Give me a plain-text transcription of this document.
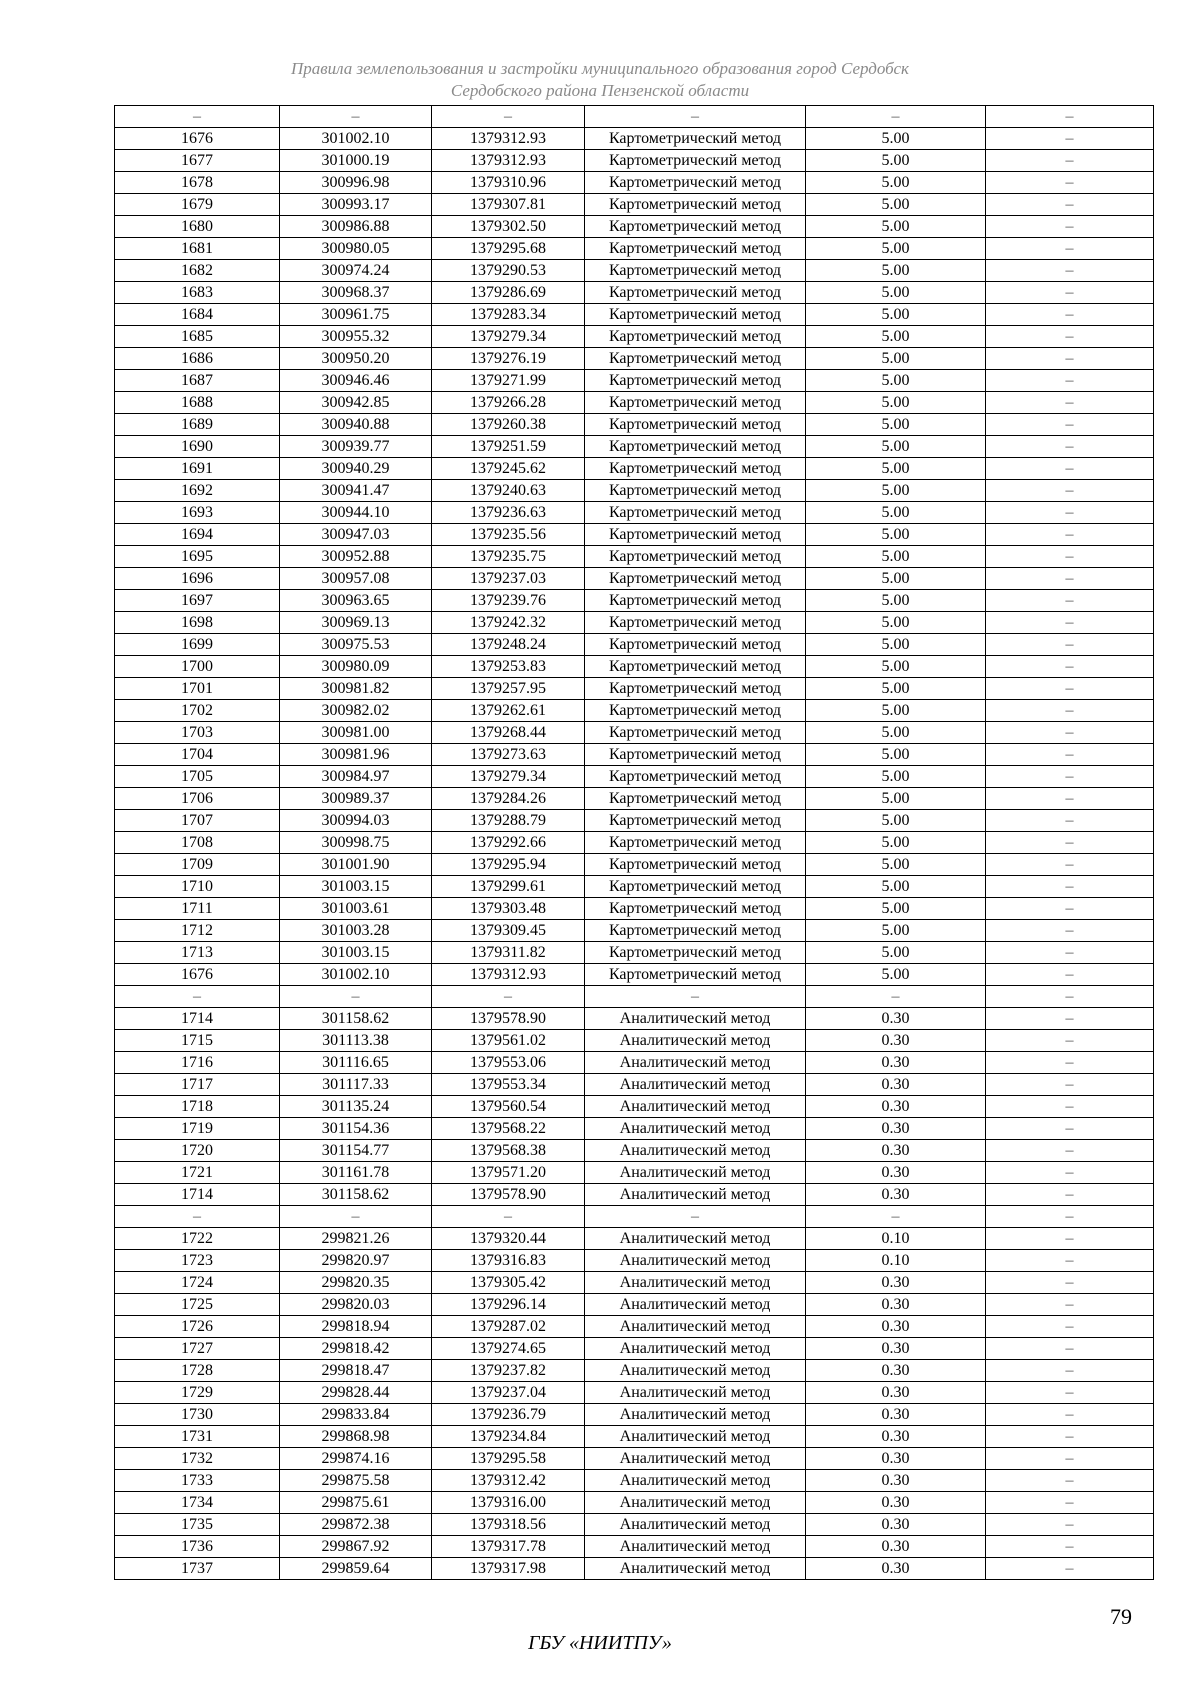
Правила землепользования и застройки муниципального образования город Сердобск
Сердобского района Пензенской области
–	–	–	–	–	–
1676	301002.10	1379312.93	Картометрический метод	5.00	–
1677	301000.19	1379312.93	Картометрический метод	5.00	–
1678	300996.98	1379310.96	Картометрический метод	5.00	–
1679	300993.17	1379307.81	Картометрический метод	5.00	–
1680	300986.88	1379302.50	Картометрический метод	5.00	–
1681	300980.05	1379295.68	Картометрический метод	5.00	–
1682	300974.24	1379290.53	Картометрический метод	5.00	–
1683	300968.37	1379286.69	Картометрический метод	5.00	–
1684	300961.75	1379283.34	Картометрический метод	5.00	–
1685	300955.32	1379279.34	Картометрический метод	5.00	–
1686	300950.20	1379276.19	Картометрический метод	5.00	–
1687	300946.46	1379271.99	Картометрический метод	5.00	–
1688	300942.85	1379266.28	Картометрический метод	5.00	–
1689	300940.88	1379260.38	Картометрический метод	5.00	–
1690	300939.77	1379251.59	Картометрический метод	5.00	–
1691	300940.29	1379245.62	Картометрический метод	5.00	–
1692	300941.47	1379240.63	Картометрический метод	5.00	–
1693	300944.10	1379236.63	Картометрический метод	5.00	–
1694	300947.03	1379235.56	Картометрический метод	5.00	–
1695	300952.88	1379235.75	Картометрический метод	5.00	–
1696	300957.08	1379237.03	Картометрический метод	5.00	–
1697	300963.65	1379239.76	Картометрический метод	5.00	–
1698	300969.13	1379242.32	Картометрический метод	5.00	–
1699	300975.53	1379248.24	Картометрический метод	5.00	–
1700	300980.09	1379253.83	Картометрический метод	5.00	–
1701	300981.82	1379257.95	Картометрический метод	5.00	–
1702	300982.02	1379262.61	Картометрический метод	5.00	–
1703	300981.00	1379268.44	Картометрический метод	5.00	–
1704	300981.96	1379273.63	Картометрический метод	5.00	–
1705	300984.97	1379279.34	Картометрический метод	5.00	–
1706	300989.37	1379284.26	Картометрический метод	5.00	–
1707	300994.03	1379288.79	Картометрический метод	5.00	–
1708	300998.75	1379292.66	Картометрический метод	5.00	–
1709	301001.90	1379295.94	Картометрический метод	5.00	–
1710	301003.15	1379299.61	Картометрический метод	5.00	–
1711	301003.61	1379303.48	Картометрический метод	5.00	–
1712	301003.28	1379309.45	Картометрический метод	5.00	–
1713	301003.15	1379311.82	Картометрический метод	5.00	–
1676	301002.10	1379312.93	Картометрический метод	5.00	–
–	–	–	–	–	–
1714	301158.62	1379578.90	Аналитический метод	0.30	–
1715	301113.38	1379561.02	Аналитический метод	0.30	–
1716	301116.65	1379553.06	Аналитический метод	0.30	–
1717	301117.33	1379553.34	Аналитический метод	0.30	–
1718	301135.24	1379560.54	Аналитический метод	0.30	–
1719	301154.36	1379568.22	Аналитический метод	0.30	–
1720	301154.77	1379568.38	Аналитический метод	0.30	–
1721	301161.78	1379571.20	Аналитический метод	0.30	–
1714	301158.62	1379578.90	Аналитический метод	0.30	–
–	–	–	–	–	–
1722	299821.26	1379320.44	Аналитический метод	0.10	–
1723	299820.97	1379316.83	Аналитический метод	0.10	–
1724	299820.35	1379305.42	Аналитический метод	0.30	–
1725	299820.03	1379296.14	Аналитический метод	0.30	–
1726	299818.94	1379287.02	Аналитический метод	0.30	–
1727	299818.42	1379274.65	Аналитический метод	0.30	–
1728	299818.47	1379237.82	Аналитический метод	0.30	–
1729	299828.44	1379237.04	Аналитический метод	0.30	–
1730	299833.84	1379236.79	Аналитический метод	0.30	–
1731	299868.98	1379234.84	Аналитический метод	0.30	–
1732	299874.16	1379295.58	Аналитический метод	0.30	–
1733	299875.58	1379312.42	Аналитический метод	0.30	–
1734	299875.61	1379316.00	Аналитический метод	0.30	–
1735	299872.38	1379318.56	Аналитический метод	0.30	–
1736	299867.92	1379317.78	Аналитический метод	0.30	–
1737	299859.64	1379317.98	Аналитический метод	0.30	–
79
ГБУ «НИИТПУ»
